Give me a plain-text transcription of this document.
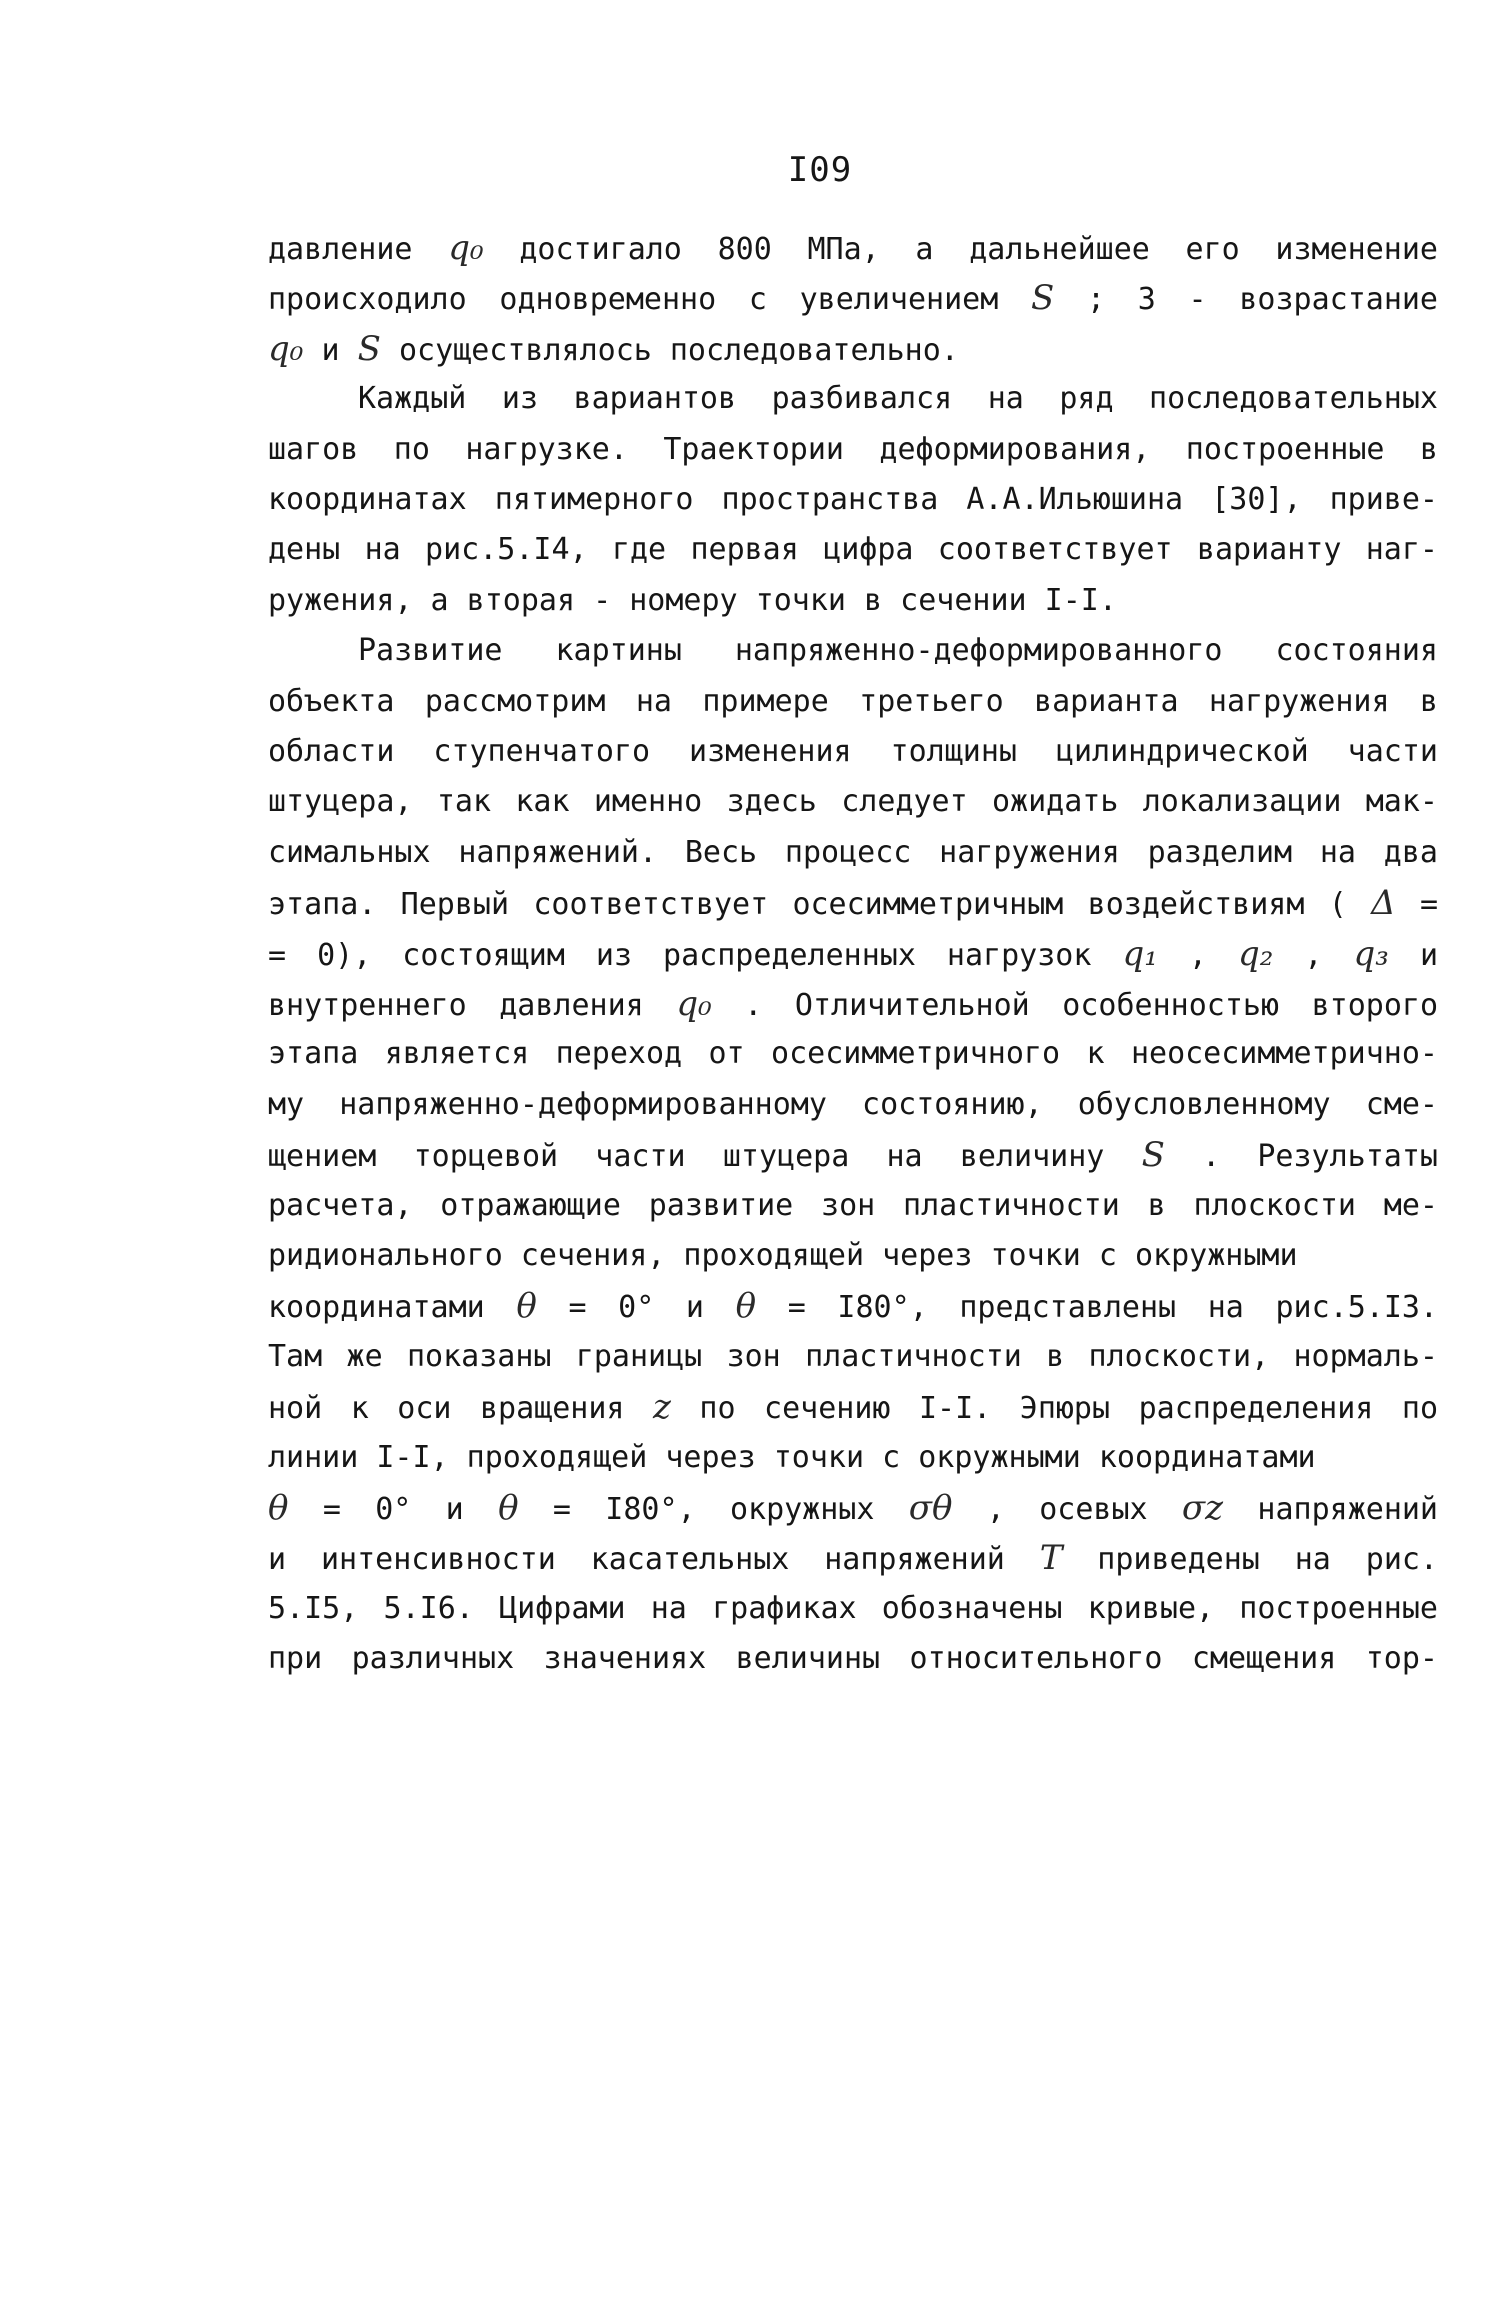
I09
давление q₀ достигало 800 МПа, а дальнейшее его изменение
происходило одновременно с увеличением S ; 3 - возрастание
q₀ и S осуществлялось последовательно.
Каждый из вариантов разбивался на ряд последовательных
шагов по нагрузке. Траектории деформирования, построенные в
координатах пятимерного пространства А.А.Ильюшина [30], приве-
дены на рис.5.I4, где первая цифра соответствует варианту наг-
ружения, а вторая - номеру точки в сечении I-I.
Развитие картины напряженно-деформированного состояния
объекта рассмотрим на примере третьего варианта нагружения в
области ступенчатого изменения толщины цилиндрической части
штуцера, так как именно здесь следует ожидать локализации мак-
симальных напряжений. Весь процесс нагружения разделим на два
этапа. Первый соответствует осесимметричным воздействиям ( Δ =
= 0), состоящим из распределенных нагрузок q₁ , q₂ , q₃ и
внутреннего давления q₀ . Отличительной особенностью второго
этапа является переход от осесимметричного к неосесимметрично-
му напряженно-деформированному состоянию, обусловленному сме-
щением торцевой части штуцера на величину S . Результаты
расчета, отражающие развитие зон пластичности в плоскости ме-
ридионального сечения, проходящей через точки с окружными
координатами θ = 0° и θ = I80°, представлены на рис.5.I3.
Там же показаны границы зон пластичности в плоскости, нормаль-
ной к оси вращения z по сечению I-I. Эпюры распределения по
линии I-I, проходящей через точки с окружными координатами
θ = 0° и θ = I80°, окружных σθ , осевых σz напряжений
и интенсивности касательных напряжений T приведены на рис.
5.I5, 5.I6. Цифрами на графиках обозначены кривые, построенные
при различных значениях величины относительного смещения тор-
